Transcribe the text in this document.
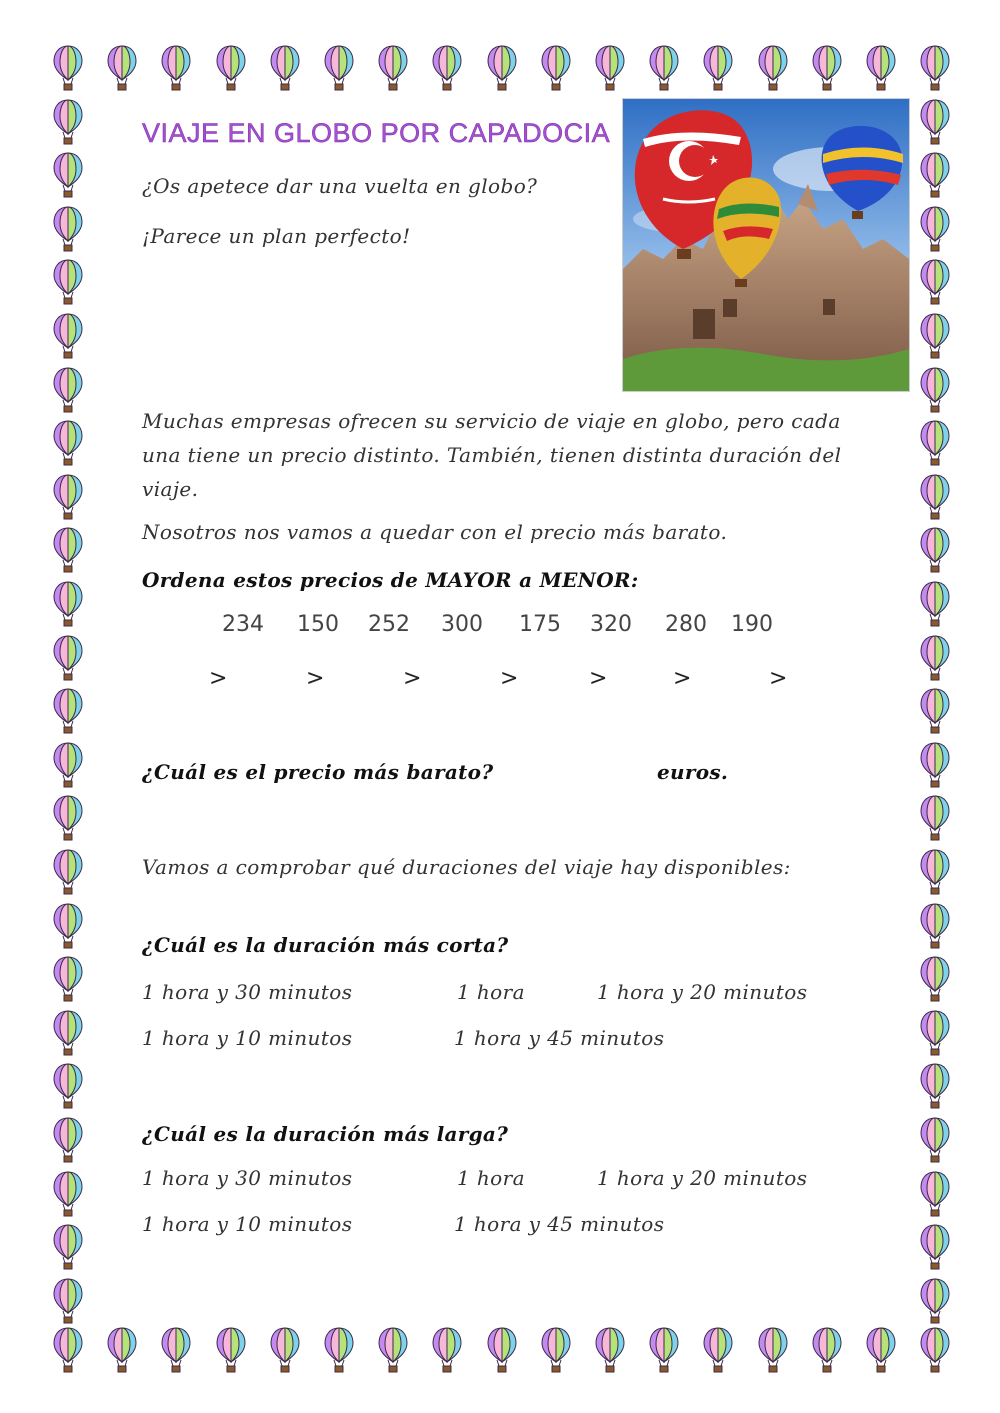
VIAJE EN GLOBO POR CAPADOCIA
¿Os apetece dar una vuelta en globo?
¡Parece un plan perfecto!
Muchas empresas ofrecen su servicio de viaje en globo, pero cada una tiene un precio distinto. También, tienen distinta duración del viaje.
Nosotros nos vamos a quedar con el precio más barato.
Ordena estos precios de MAYOR a MENOR:
234 150 252 300 175 320 280 190
>	>	>	>	>	>	>
¿Cuál es el precio más barato?	euros.
Vamos a comprobar qué duraciones del viaje hay disponibles:
¿Cuál es la duración más corta?
1 hora y 30 minutos	1 hora	1 hora y 20 minutos
1 hora y 10 minutos	1 hora y 45 minutos
¿Cuál es la duración más larga?
1 hora y 30 minutos	1 hora	1 hora y 20 minutos
1 hora y 10 minutos	1 hora y 45 minutos
